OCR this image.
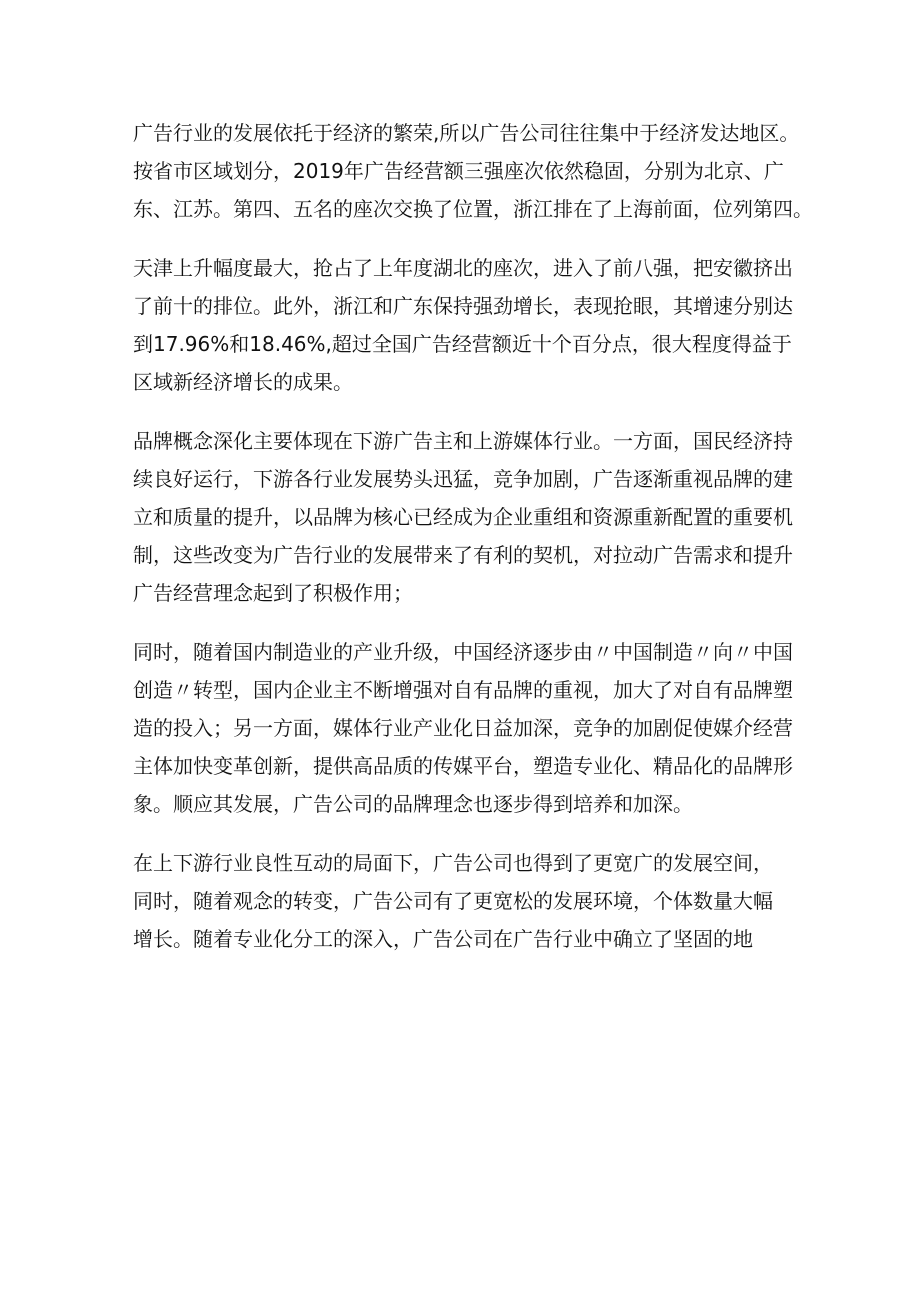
广告行业的发展依托于经济的繁荣,所以广告公司往往集中于经济发达地区。
按省市区域划分，2019年广告经营额三强座次依然稳固，分别为北京、广
东、江苏。第四、五名的座次交换了位置，浙江排在了上海前面，位列第四。

天津上升幅度最大，抢占了上年度湖北的座次，进入了前八强，把安徽挤出
了前十的排位。此外，浙江和广东保持强劲增长，表现抢眼，其增速分别达
到17.96%和18.46%,超过全国广告经营额近十个百分点，很大程度得益于
区域新经济增长的成果。

品牌概念深化主要体现在下游广告主和上游媒体行业。一方面，国民经济持
续良好运行，下游各行业发展势头迅猛，竞争加剧，广告逐渐重视品牌的建
立和质量的提升，以品牌为核心已经成为企业重组和资源重新配置的重要机
制，这些改变为广告行业的发展带来了有利的契机，对拉动广告需求和提升
广告经营理念起到了积极作用；

同时，随着国内制造业的产业升级，中国经济逐步由〃中国制造〃向〃中国
创造〃转型，国内企业主不断增强对自有品牌的重视，加大了对自有品牌塑
造的投入；另一方面，媒体行业产业化日益加深，竞争的加剧促使媒介经营
主体加快变革创新，提供高品质的传媒平台，塑造专业化、精品化的品牌形
象。顺应其发展，广告公司的品牌理念也逐步得到培养和加深。

在上下游行业良性互动的局面下，广告公司也得到了更宽广的发展空间，
同时，随着观念的转变，广告公司有了更宽松的发展环境，个体数量大幅
增长。随着专业化分工的深入，广告公司在广告行业中确立了坚固的地
